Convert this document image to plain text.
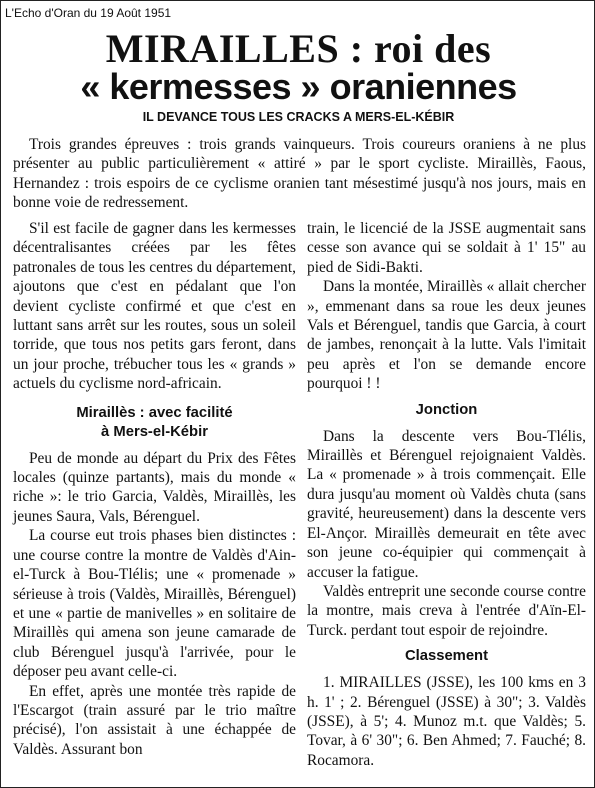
L'Echo d'Oran du 19 Août 1951
MIRAILLES : roi des
« kermesses » oraniennes
IL DEVANCE TOUS LES CRACKS A MERS-EL-KÉBIR

Trois grandes épreuves : trois grands vainqueurs. Trois coureurs oraniens à ne plus présenter au public particulièrement « attiré » par le sport cycliste. Miraillès, Faous, Hernandez : trois espoirs de ce cyclisme oranien tant mésestimé jusqu'à nos jours, mais en bonne voie de redressement.

S'il est facile de gagner dans les kermesses décentralisantes créées par les fêtes patronales de tous les centres du département, ajoutons que c'est en pédalant que l'on devient cycliste confirmé et que c'est en luttant sans arrêt sur les routes, sous un soleil torride, que tous nos petits gars feront, dans un jour proche, trébucher tous les « grands » actuels du cyclisme nord-africain.

Miraillès : avec facilité

à Mers-el-Kébir

Peu de monde au départ du Prix des Fêtes locales (quinze partants), mais du monde « riche »: le trio Garcia, Valdès, Miraillès, les jeunes Saura, Vals, Bérenguel.

La course eut trois phases bien distinctes : une course contre la montre de Valdès d'Ain-el-Turck à Bou-Tlélis; une « promenade » sérieuse à trois (Valdès, Miraillès, Bérenguel) et une « partie de manivelles » en solitaire de Miraillès qui amena son jeune camarade de club Bérenguel jusqu'à l'arrivée, pour le déposer peu avant celle-ci.

En effet, après une montée très rapide de l'Escargot (train assuré par le trio maître précisé), l'on assistait à une échappée de Valdès. Assurant bon

train, le licencié de la JSSE augmentait sans cesse son avance qui se soldait à 1' 15" au pied de Sidi-Bakti.

Dans la montée, Miraillès « allait chercher », emmenant dans sa roue les deux jeunes Vals et Bérenguel, tandis que Garcia, à court de jambes, renonçait à la lutte. Vals l'imitait peu après et l'on se demande encore pourquoi ! !

Jonction

Dans la descente vers Bou-Tlélis, Miraillès et Bérenguel rejoignaient Valdès. La « promenade » à trois commençait. Elle dura jusqu'au moment où Valdès chuta (sans gravité, heureusement) dans la descente vers El-Ançor. Miraillès demeurait en tête avec son jeune co-équipier qui commençait à accuser la fatigue.

Valdès entreprit une seconde course contre la montre, mais creva à l'entrée d'Aïn-El-Turck. perdant tout espoir de rejoindre.

Classement

1. MIRAILLES (JSSE), les 100 kms en 3 h. 1' ; 2. Bérenguel (JSSE) à 30"; 3. Valdès (JSSE), à 5'; 4. Munoz m.t. que Valdès; 5. Tovar, à 6' 30"; 6. Ben Ahmed; 7. Fauché; 8. Rocamora.
